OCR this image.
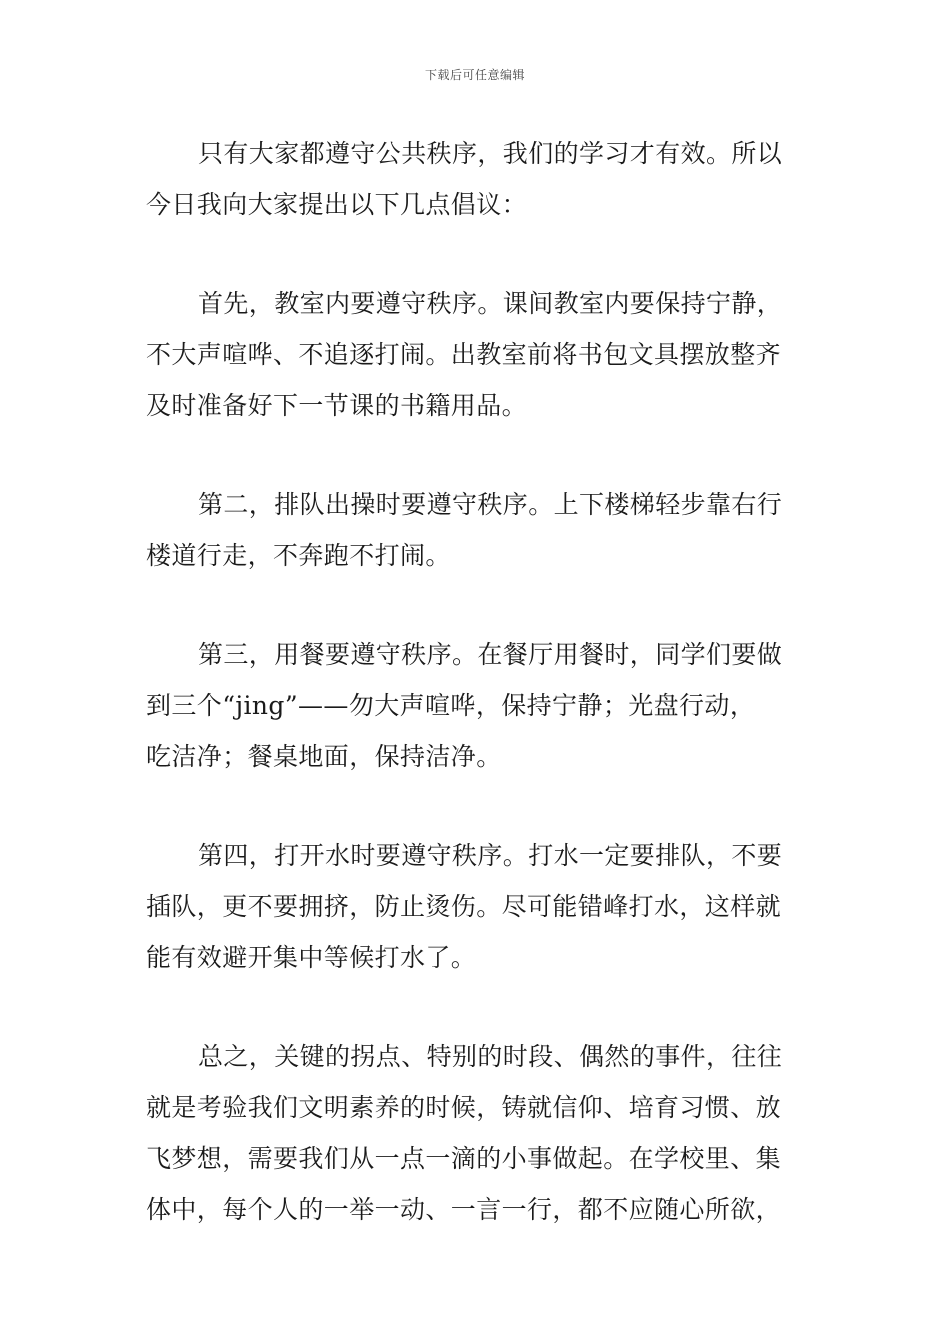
下载后可任意编辑
只有大家都遵守公共秩序，我们的学习才有效。所以
今日我向大家提出以下几点倡议：
首先，教室内要遵守秩序。课间教室内要保持宁静，
不大声喧哗、不追逐打闹。出教室前将书包文具摆放整齐
及时准备好下一节课的书籍用品。
第二，排队出操时要遵守秩序。上下楼梯轻步靠右行
楼道行走，不奔跑不打闹。
第三，用餐要遵守秩序。在餐厅用餐时，同学们要做
到三个“jing”——勿大声喧哗，保持宁静；光盘行动，
吃洁净；餐桌地面，保持洁净。
第四，打开水时要遵守秩序。打水一定要排队，不要
插队，更不要拥挤，防止烫伤。尽可能错峰打水，这样就
能有效避开集中等候打水了。
总之，关键的拐点、特别的时段、偶然的事件，往往
就是考验我们文明素养的时候，铸就信仰、培育习惯、放
飞梦想，需要我们从一点一滴的小事做起。在学校里、集
体中，每个人的一举一动、一言一行，都不应随心所欲，
